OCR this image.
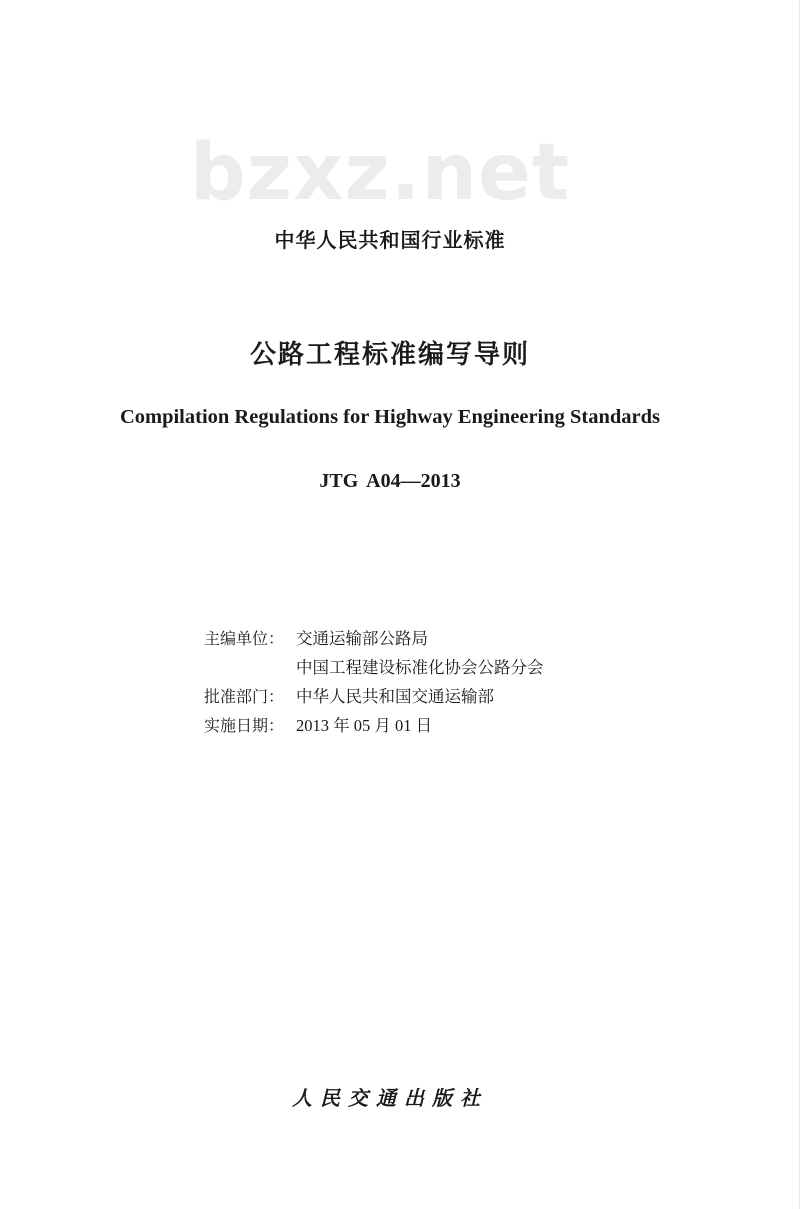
bzxz.net
中华人民共和国行业标准
公路工程标准编写导则
Compilation Regulations for Highway Engineering Standards
JTG A04—2013
主编单位： 交通运输部公路局
中国工程建设标准化协会公路分会
批准部门： 中华人民共和国交通运输部
实施日期： 2013 年 05 月 01 日
人民交通出版社
